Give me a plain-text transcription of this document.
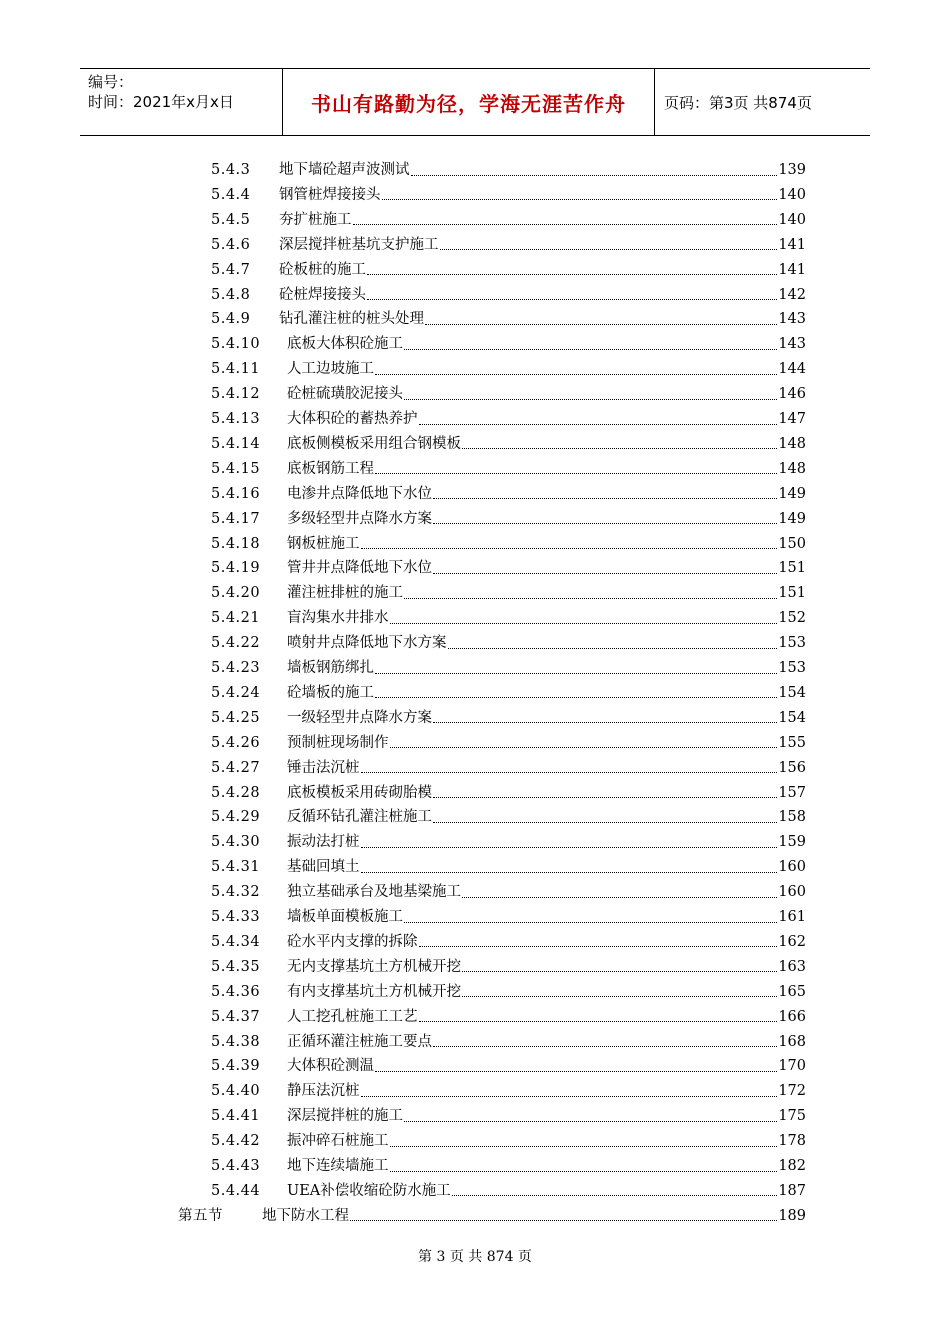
编号：
时间：2021年x月x日	书山有路勤为径，学海无涯苦作舟	页码：第3页 共874页
5.4.3	地下墙砼超声波测试	139
5.4.4	钢管桩焊接接头	140
5.4.5	夯扩桩施工	140
5.4.6	深层搅拌桩基坑支护施工	141
5.4.7	砼板桩的施工	141
5.4.8	砼桩焊接接头	142
5.4.9	钻孔灌注桩的桩头处理	143
5.4.10	底板大体积砼施工	143
5.4.11	人工边坡施工	144
5.4.12	砼桩硫璜胶泥接头	146
5.4.13	大体积砼的蓄热养护	147
5.4.14	底板侧模板采用组合钢模板	148
5.4.15	底板钢筋工程	148
5.4.16	电渗井点降低地下水位	149
5.4.17	多级轻型井点降水方案	149
5.4.18	钢板桩施工	150
5.4.19	管井井点降低地下水位	151
5.4.20	灌注桩排桩的施工	151
5.4.21	盲沟集水井排水	152
5.4.22	喷射井点降低地下水方案	153
5.4.23	墙板钢筋绑扎	153
5.4.24	砼墙板的施工	154
5.4.25	一级轻型井点降水方案	154
5.4.26	预制桩现场制作	155
5.4.27	锤击法沉桩	156
5.4.28	底板模板采用砖砌胎模	157
5.4.29	反循环钻孔灌注桩施工	158
5.4.30	振动法打桩	159
5.4.31	基础回填土	160
5.4.32	独立基础承台及地基梁施工	160
5.4.33	墙板单面模板施工	161
5.4.34	砼水平内支撑的拆除	162
5.4.35	无内支撑基坑土方机械开挖	163
5.4.36	有内支撑基坑土方机械开挖	165
5.4.37	人工挖孔桩施工工艺	166
5.4.38	正循环灌注桩施工要点	168
5.4.39	大体积砼测温	170
5.4.40	静压法沉桩	172
5.4.41	深层搅拌桩的施工	175
5.4.42	振冲碎石桩施工	178
5.4.43	地下连续墙施工	182
5.4.44	UEA补偿收缩砼防水施工	187
第五节	地下防水工程	189
第 3 页 共 874 页
